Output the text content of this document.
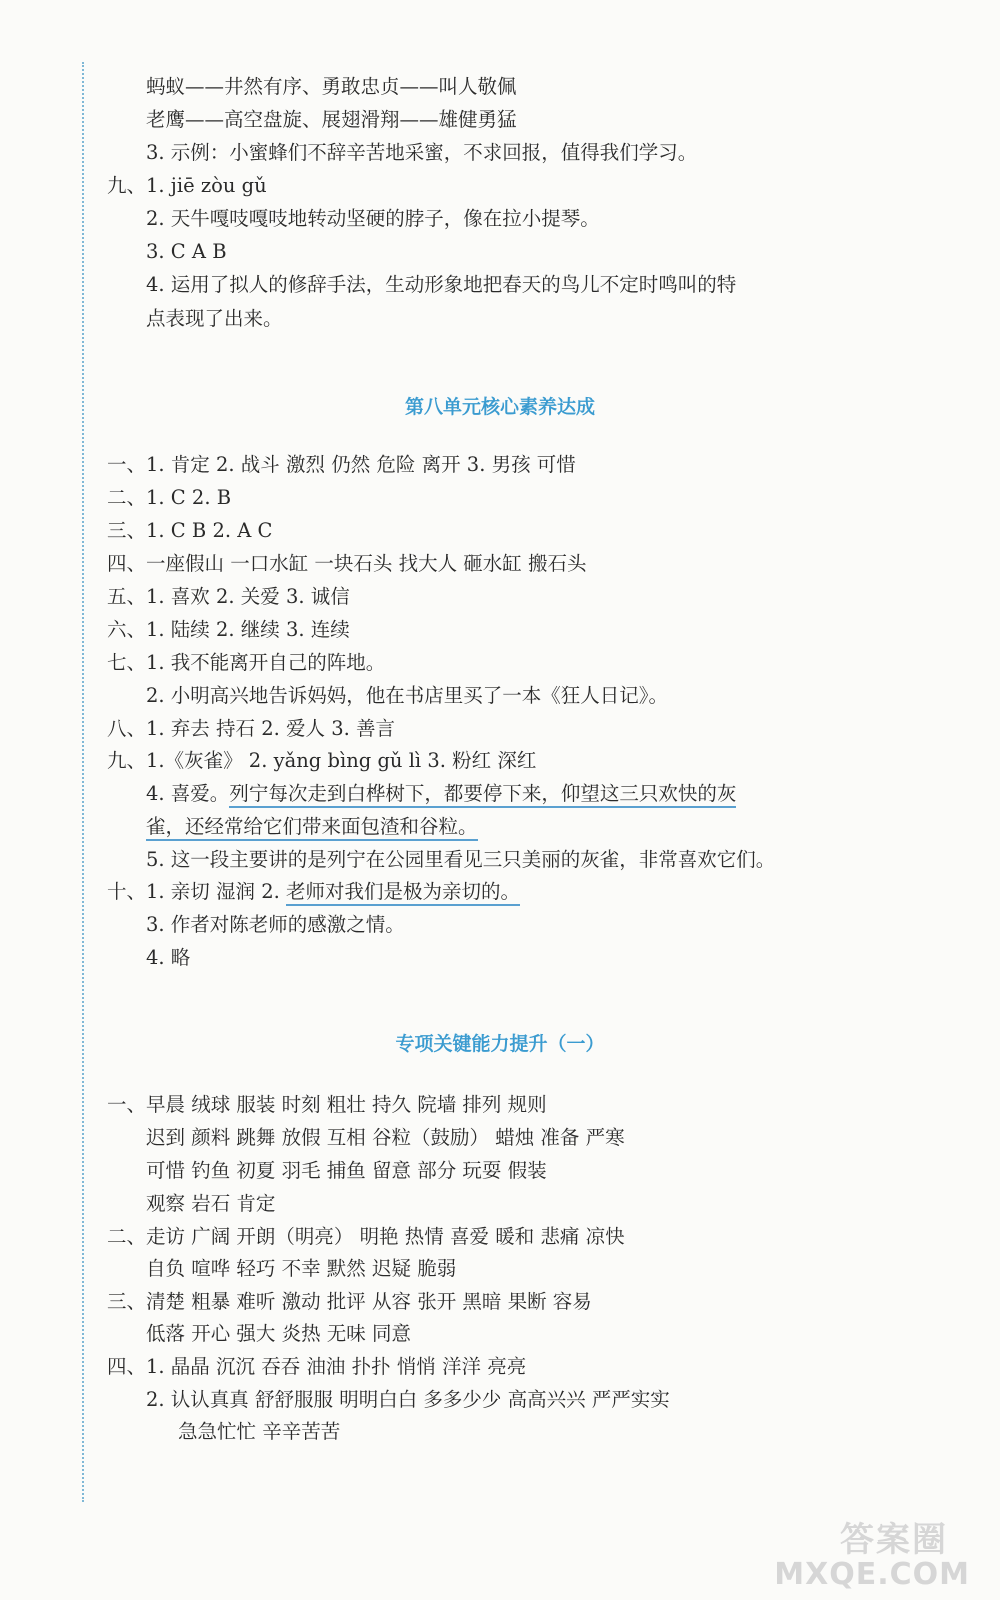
蚂蚁——井然有序、勇敢忠贞——叫人敬佩
老鹰——高空盘旋、展翅滑翔——雄健勇猛
3. 示例：小蜜蜂们不辞辛苦地采蜜，不求回报，值得我们学习。
九、1. jiē zòu gǔ
2. 天牛嘎吱嘎吱地转动坚硬的脖子，像在拉小提琴。
3. C A B
4. 运用了拟人的修辞手法，生动形象地把春天的鸟儿不定时鸣叫的特
点表现了出来。
第八单元核心素养达成
一、1. 肯定 2. 战斗 激烈 仍然 危险 离开 3. 男孩 可惜
二、1. C 2. B
三、1. C B 2. A C
四、一座假山 一口水缸 一块石头 找大人 砸水缸 搬石头
五、1. 喜欢 2. 关爱 3. 诚信
六、1. 陆续 2. 继续 3. 连续
七、1. 我不能离开自己的阵地。
2. 小明高兴地告诉妈妈，他在书店里买了一本《狂人日记》。
八、1. 弃去 持石 2. 爱人 3. 善言
九、1.《灰雀》 2. yǎng bìng gǔ lì 3. 粉红 深红
4. 喜爱。列宁每次走到白桦树下，都要停下来，仰望这三只欢快的灰
雀，还经常给它们带来面包渣和谷粒。
5. 这一段主要讲的是列宁在公园里看见三只美丽的灰雀，非常喜欢它们。
十、1. 亲切 湿润 2. 老师对我们是极为亲切的。
3. 作者对陈老师的感激之情。
4. 略
专项关键能力提升（一）
一、早晨 绒球 服装 时刻 粗壮 持久 院墙 排列 规则
迟到 颜料 跳舞 放假 互相 谷粒（鼓励） 蜡烛 准备 严寒
可惜 钓鱼 初夏 羽毛 捕鱼 留意 部分 玩耍 假装
观察 岩石 肯定
二、走访 广阔 开朗（明亮） 明艳 热情 喜爱 暖和 悲痛 凉快
自负 喧哗 轻巧 不幸 默然 迟疑 脆弱
三、清楚 粗暴 难听 激动 批评 从容 张开 黑暗 果断 容易
低落 开心 强大 炎热 无味 同意
四、1. 晶晶 沉沉 吞吞 油油 扑扑 悄悄 洋洋 亮亮
2. 认认真真 舒舒服服 明明白白 多多少少 高高兴兴 严严实实
急急忙忙 辛辛苦苦
答案圈
MXQE.COM
